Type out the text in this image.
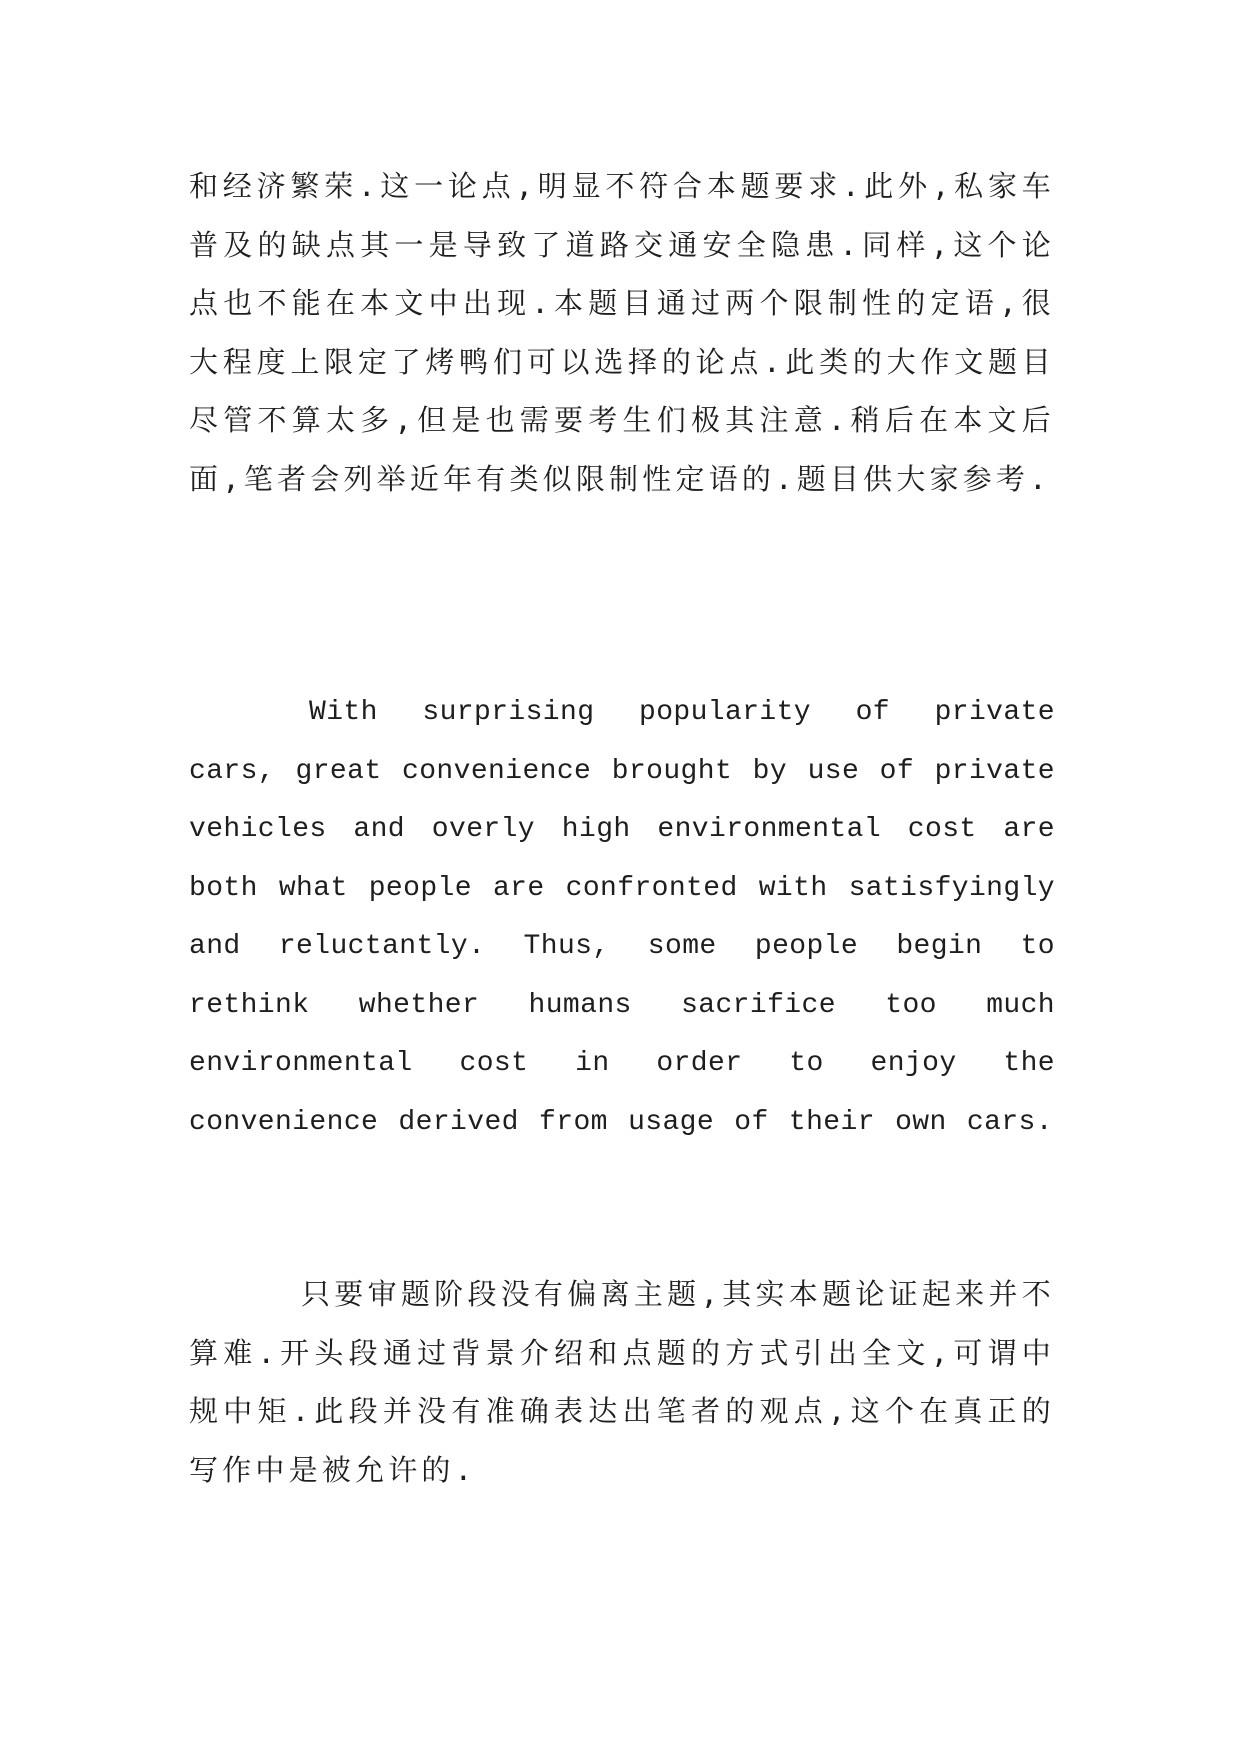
和经济繁荣.这一论点,明显不符合本题要求.此外,私家车普及的缺点其一是导致了道路交通安全隐患.同样,这个论点也不能在本文中出现.本题目通过两个限制性的定语,很大程度上限定了烤鸭们可以选择的论点.此类的大作文题目尽管不算太多,但是也需要考生们极其注意.稍后在本文后面,笔者会列举近年有类似限制性定语的.题目供大家参考.

With surprising popularity of private cars, great convenience brought by use of private vehicles and overly high environmental cost are both what people are confronted with satisfyingly and reluctantly. Thus, some people begin to rethink whether humans sacrifice too much environmental cost in order to enjoy the convenience derived from usage of their own cars.

只要审题阶段没有偏离主题,其实本题论证起来并不算难.开头段通过背景介绍和点题的方式引出全文,可谓中规中矩.此段并没有准确表达出笔者的观点,这个在真正的写作中是被允许的.
